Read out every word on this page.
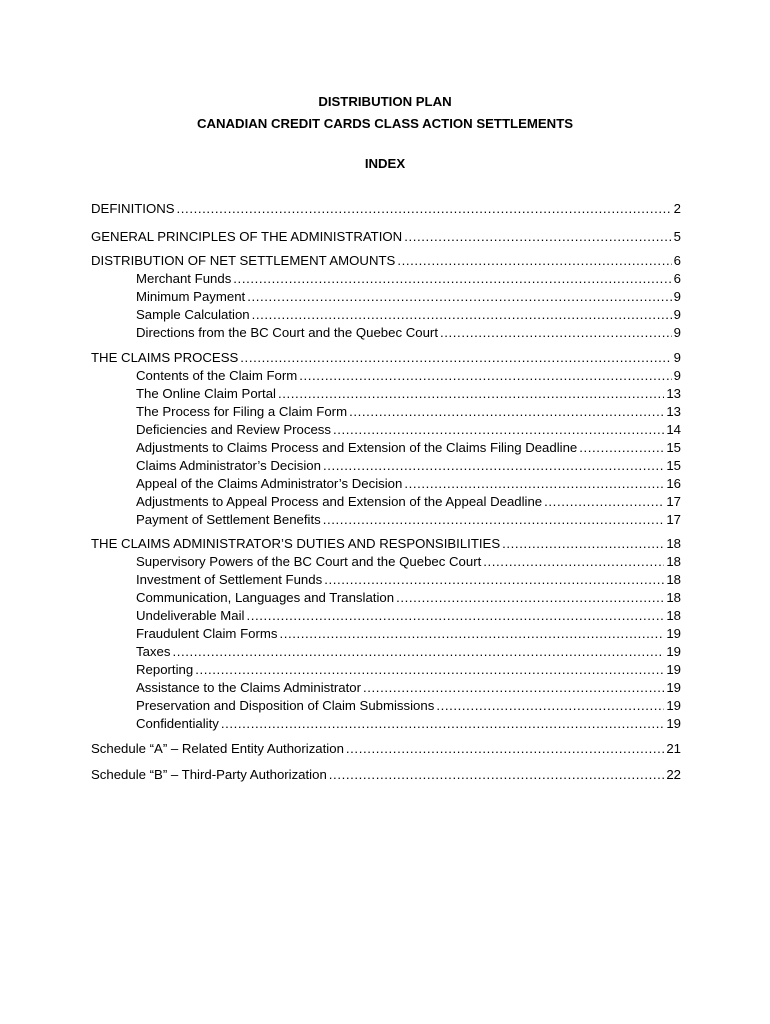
DISTRIBUTION PLAN
CANADIAN CREDIT CARDS CLASS ACTION SETTLEMENTS
INDEX
DEFINITIONS .....	2
GENERAL PRINCIPLES OF THE ADMINISTRATION .....	5
DISTRIBUTION OF NET SETTLEMENT AMOUNTS .....	6
Merchant Funds .....	6
Minimum Payment .....	9
Sample Calculation .....	9
Directions from the BC Court and the Quebec Court .....	9
THE CLAIMS PROCESS .....	9
Contents of the Claim Form .....	9
The Online Claim Portal .....	13
The Process for Filing a Claim Form .....	13
Deficiencies and Review Process .....	14
Adjustments to Claims Process and Extension of the Claims Filing Deadline .....	15
Claims Administrator’s Decision .....	15
Appeal of the Claims Administrator’s Decision .....	16
Adjustments to Appeal Process and Extension of the Appeal Deadline .....	17
Payment of Settlement Benefits .....	17
THE CLAIMS ADMINISTRATOR’S DUTIES AND RESPONSIBILITIES .....	18
Supervisory Powers of the BC Court and the Quebec Court .....	18
Investment of Settlement Funds .....	18
Communication, Languages and Translation .....	18
Undeliverable Mail .....	18
Fraudulent Claim Forms .....	19
Taxes .....	19
Reporting .....	19
Assistance to the Claims Administrator .....	19
Preservation and Disposition of Claim Submissions .....	19
Confidentiality .....	19
Schedule “A” – Related Entity Authorization .....	21
Schedule “B” – Third-Party Authorization .....	22
